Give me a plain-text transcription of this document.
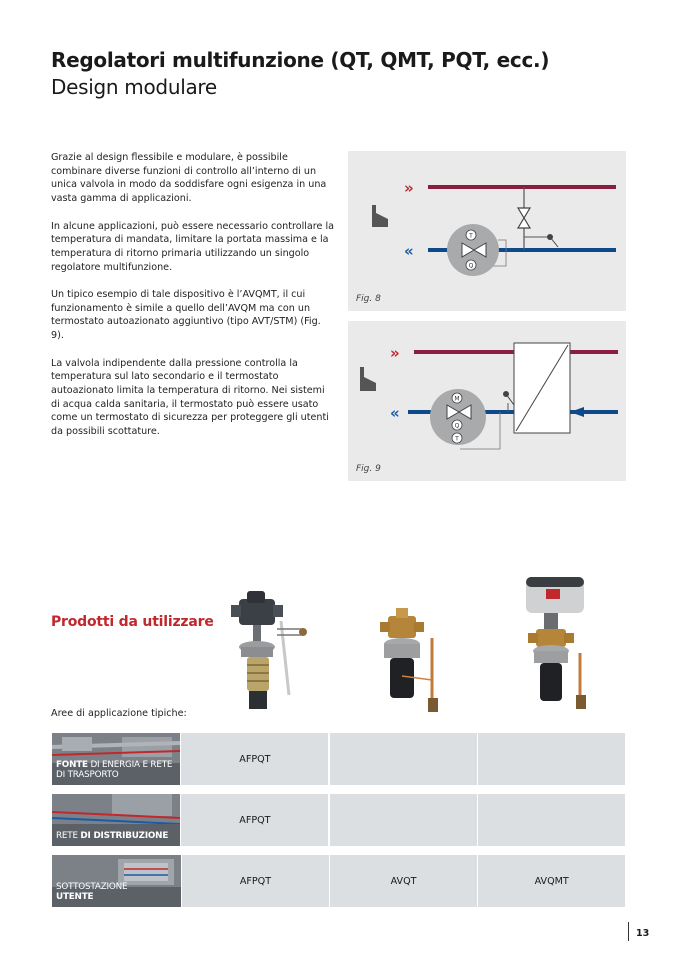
Regolatori multifunzione (QT, QMT, PQT, ecc.)
Design modulare

Grazie al design flessibile e modulare, è possibile combinare diverse funzioni di controllo all’interno di un unica valvola in modo da soddisfare ogni esigenza in una vasta gamma di applicazioni.

In alcune applicazioni, può essere necessario controllare la temperatura di mandata, limitare la portata massima e la temperatura di ritorno primaria utilizzando un singolo regolatore multifunzione.

Un tipico esempio di tale dispositivo è l’AVQMT, il cui funzionamento è simile a quello dell’AVQM ma con un termostato autoazionato aggiuntivo (tipo AVT/STM) (Fig. 9).

La valvola indipendente dalla pressione controlla la temperatura sul lato secondario e il termostato autoazionato limita la temperatura di ritorno. Nei sistemi di acqua calda sanitaria, il termostato può essere usato come un termostato di sicurezza per proteggere gli utenti da possibili scottature.

T
Q
»
«
Fig. 8
M
Q
T
»
«
Fig. 9
Prodotti da utilizzare
Aree di applicazione tipiche:
FONTE DI ENERGIA E RETE DI TRASPORTO
AFPQT
RETE DI DISTRIBUZIONE
AFPQT
SOTTOSTAZIONE
UTENTE
AFPQT	AVQT	AVQMT
13
